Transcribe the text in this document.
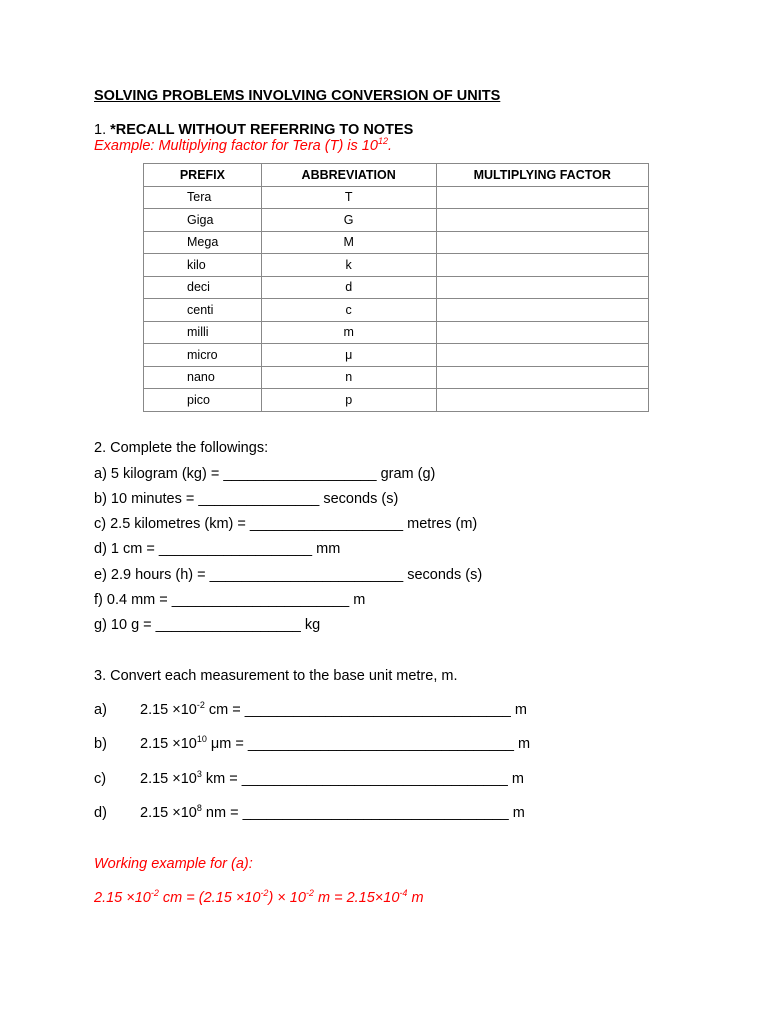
SOLVING PROBLEMS INVOLVING CONVERSION OF UNITS
1. *RECALL WITHOUT REFERRING TO NOTES
Example: Multiplying factor for Tera (T) is $10^{12}$.
PREFIX	ABBREVIATION	MULTIPLYING FACTOR
Tera	T	
Giga	G	
Mega	M	
kilo	k	
deci	d	
centi	c	
milli	m	
micro	μ	
nano	n	
pico	p	
2. Complete the followings:
a) 5 kilogram (kg) = ___________________ gram (g)
b) 10 minutes = _______________ seconds (s)
c) 2.5 kilometres (km) = ___________________ metres (m)
d) 1 cm = ___________________ mm
e) 2.9 hours (h) = ________________________ seconds (s)
f) 0.4 mm = ______________________ m
g) 10 g = __________________ kg
3. Convert each measurement to the base unit metre, m.
a) $2.15 \times 10^{-2}$ cm = _________________________________ m
b) $2.15 \times 10^{10}$ μm = _________________________________ m
c) $2.15 \times 10^3$ km = _________________________________ m
d) $2.15 \times 10^8$ nm = _________________________________ m
Working example for (a):
$2.15 \times 10^{-2}$ cm = $(2.15 \times 10^{-2}) \times 10^{-2}$ $m = 2.15\times 10^{-4}$ m
